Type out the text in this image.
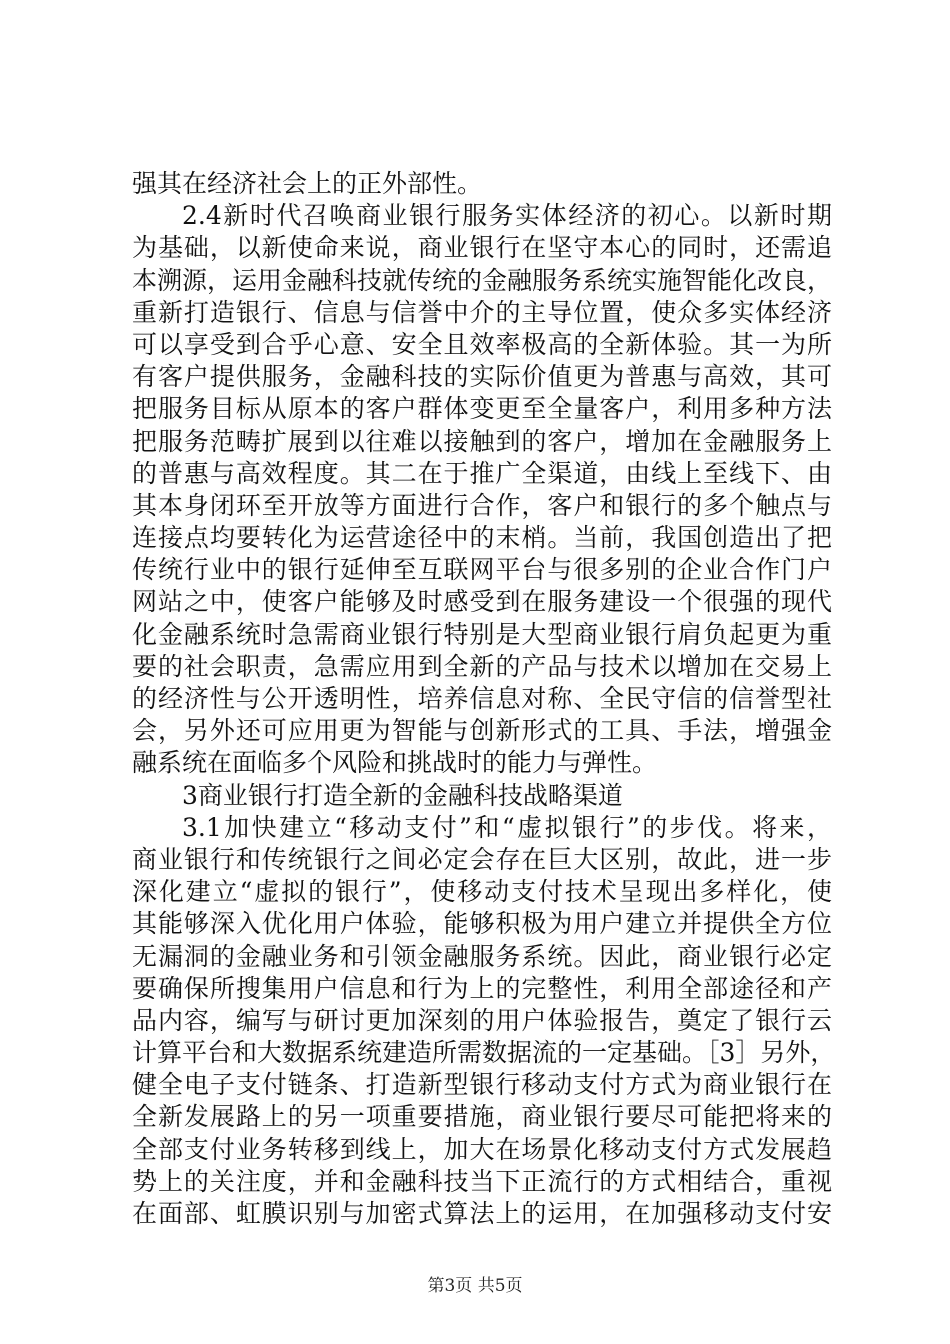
强其在经济社会上的正外部性。
2.4新时代召唤商业银行服务实体经济的初心。以新时期
为基础，以新使命来说，商业银行在坚守本心的同时，还需追
本溯源，运用金融科技就传统的金融服务系统实施智能化改良，
重新打造银行、信息与信誉中介的主导位置，使众多实体经济
可以享受到合乎心意、安全且效率极高的全新体验。其一为所
有客户提供服务，金融科技的实际价值更为普惠与高效，其可
把服务目标从原本的客户群体变更至全量客户，利用多种方法
把服务范畴扩展到以往难以接触到的客户，增加在金融服务上
的普惠与高效程度。其二在于推广全渠道，由线上至线下、由
其本身闭环至开放等方面进行合作，客户和银行的多个触点与
连接点均要转化为运营途径中的末梢。当前，我国创造出了把
传统行业中的银行延伸至互联网平台与很多别的企业合作门户
网站之中，使客户能够及时感受到在服务建设一个很强的现代
化金融系统时急需商业银行特别是大型商业银行肩负起更为重
要的社会职责，急需应用到全新的产品与技术以增加在交易上
的经济性与公开透明性，培养信息对称、全民守信的信誉型社
会，另外还可应用更为智能与创新形式的工具、手法，增强金
融系统在面临多个风险和挑战时的能力与弹性。
3商业银行打造全新的金融科技战略渠道
3.1加快建立“移动支付”和“虚拟银行”的步伐。将来，
商业银行和传统银行之间必定会存在巨大区别，故此，进一步
深化建立“虚拟的银行”，使移动支付技术呈现出多样化，使
其能够深入优化用户体验，能够积极为用户建立并提供全方位
无漏洞的金融业务和引领金融服务系统。因此，商业银行必定
要确保所搜集用户信息和行为上的完整性，利用全部途径和产
品内容，编写与研讨更加深刻的用户体验报告，奠定了银行云
计算平台和大数据系统建造所需数据流的一定基础。［3］另外，
健全电子支付链条、打造新型银行移动支付方式为商业银行在
全新发展路上的另一项重要措施，商业银行要尽可能把将来的
全部支付业务转移到线上，加大在场景化移动支付方式发展趋
势上的关注度，并和金融科技当下正流行的方式相结合，重视
在面部、虹膜识别与加密式算法上的运用，在加强移动支付安
第3页 共5页
